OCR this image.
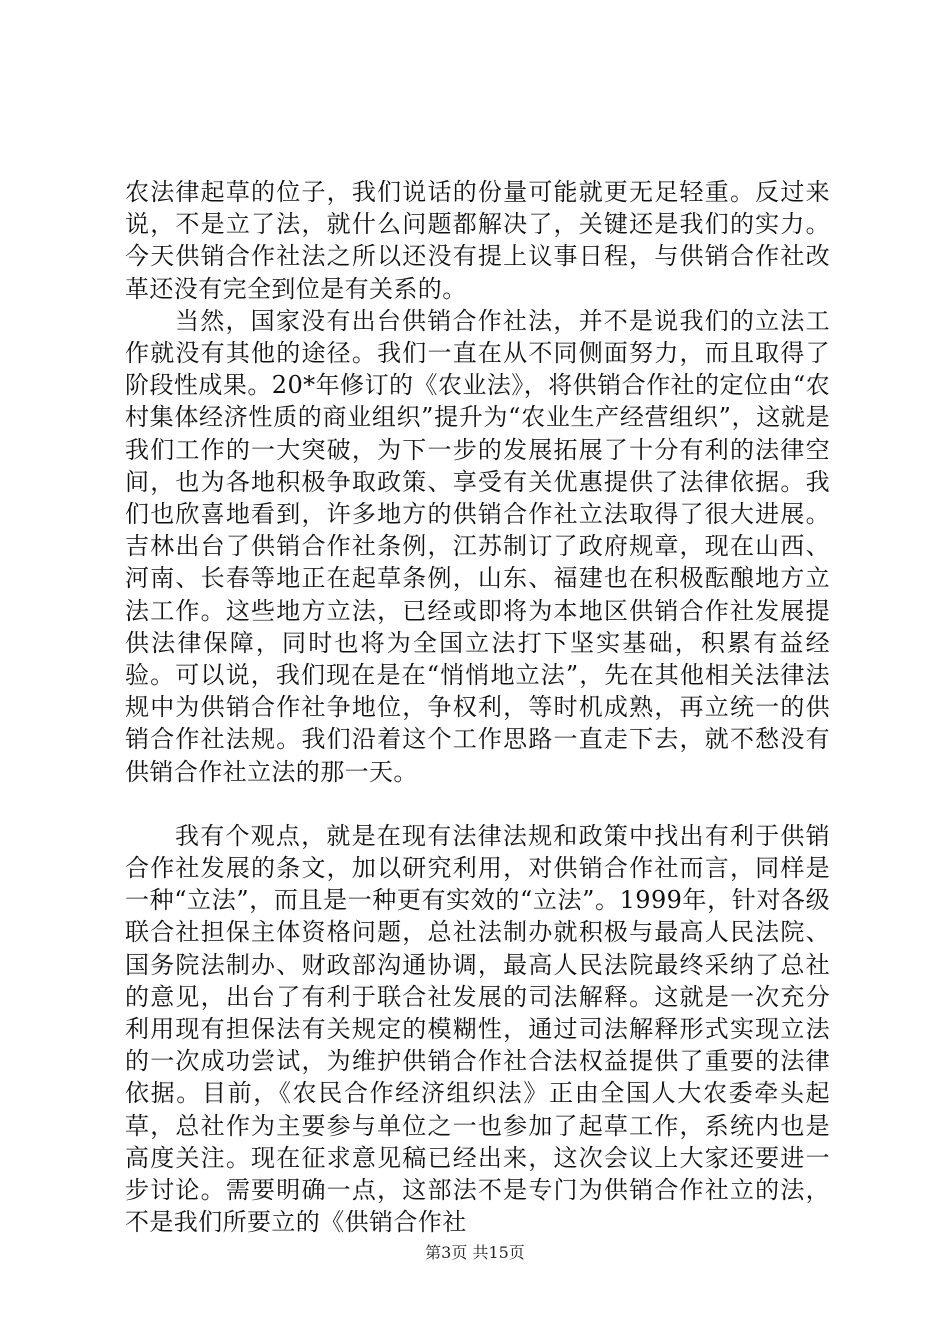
农法律起草的位子，我们说话的份量可能就更无足轻重。反过来说，不是立了法，就什么问题都解决了，关键还是我们的实力。今天供销合作社法之所以还没有提上议事日程，与供销合作社改革还没有完全到位是有关系的。

当然，国家没有出台供销合作社法，并不是说我们的立法工作就没有其他的途径。我们一直在从不同侧面努力，而且取得了阶段性成果。20*年修订的《农业法》，将供销合作社的定位由“农村集体经济性质的商业组织”提升为“农业生产经营组织”，这就是我们工作的一大突破，为下一步的发展拓展了十分有利的法律空间，也为各地积极争取政策、享受有关优惠提供了法律依据。我们也欣喜地看到，许多地方的供销合作社立法取得了很大进展。吉林出台了供销合作社条例，江苏制订了政府规章，现在山西、河南、长春等地正在起草条例，山东、福建也在积极酝酿地方立法工作。这些地方立法，已经或即将为本地区供销合作社发展提供法律保障，同时也将为全国立法打下坚实基础，积累有益经验。可以说，我们现在是在“悄悄地立法”，先在其他相关法律法规中为供销合作社争地位，争权利，等时机成熟，再立统一的供销合作社法规。我们沿着这个工作思路一直走下去，就不愁没有供销合作社立法的那一天。

我有个观点，就是在现有法律法规和政策中找出有利于供销合作社发展的条文，加以研究利用，对供销合作社而言，同样是一种“立法”，而且是一种更有实效的“立法”。1999年，针对各级联合社担保主体资格问题，总社法制办就积极与最高人民法院、国务院法制办、财政部沟通协调，最高人民法院最终采纳了总社的意见，出台了有利于联合社发展的司法解释。这就是一次充分利用现有担保法有关规定的模糊性，通过司法解释形式实现立法的一次成功尝试，为维护供销合作社合法权益提供了重要的法律依据。目前，《农民合作经济组织法》正由全国人大农委牵头起草，总社作为主要参与单位之一也参加了起草工作，系统内也是高度关注。现在征求意见稿已经出来，这次会议上大家还要进一步讨论。需要明确一点，这部法不是专门为供销合作社立的法，不是我们所要立的《供销合作社

第3页 共15页
